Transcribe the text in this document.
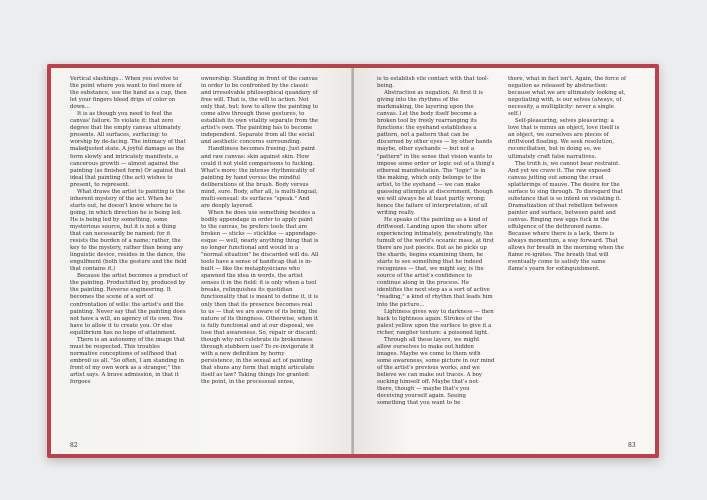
Vertical slashings... When you evolve to the point where you want to feel more of the substance, use the hand as a cup, then let your fingers bleed drips of color on down...

It is as though you need to feel the canvas' failure. To violate it: that zero degree that the empty canvas ultimately presents. All surfaces, surfacing: to worship by de-facing. The intimacy of that maladjusted state. A joyful damage as the form slowly and intricately manifests, a cancerous growth — almost against the painting (as finished form) Or against that ideal that painting (the act) wishes to present, to represent.

What draws the artist to painting is the inherent mystery of the act. When he starts out, he doesn't know where he is going, in which direction he is being led. He is being led by something, some mysterious source, but it is not a thing that can necessarily be named; for it resists the burden of a name; rather, the key to the mystery, rather than being any linguistic device, resides in the dance, the engulfment (both the gesture and the field that contains it.)

Because the artist becomes a product of the painting. Productified by, produced by the painting. Reverse engineering. It becomes the scene of a sort of confrontation of wills: the artist's and the painting. Never say that the painting does not have a will, an agency of its own. You have to allow it to create you. Or else equilibrium has no hope of attainment.

There is an autonomy of the image that must be respected. This troubles normative conceptions of selfhood that embroil us all. "So often, I am standing in front of my own work as a stranger," the artist says. A brave admission, in that it forgoes

ownership. Standing in front of the canvas in order to be confronted by the classic and irresolvable philosophical quandary of free will. That is, the will to action. Not only that, but: how to allow the painting to come alive through those gestures, to establish its own vitality separate from the artist's own. The painting has to become independent. Separate from all the social and aesthetic concerns surrounding.

Handliness becomes freeing. Just paint and raw canvas: skin against skin. How could it not yield comparisons to fucking. What's more: the intense rhythmicality of painting by hand versus the mindful deliberations of the brush. Body versus mind, sure. Body, after all, is multi-lingual, multi-sensual: its surfaces "speak." And are deeply layered.

When he does use something besides a bodily appendage in order to apply paint to the canvas, he prefers tools that are broken — sticks — sticklike — appendage-esque — well, nearly anything thing that is no longer functional and would in a "normal situation" be discarded will do. All tools have a sense of handicap that is in-built — like the metaphysicians who spawned the idea in words, the artist senses it in the field: it is only when a tool breaks, relinquishes its quotidian functionality that is meant to define it, it is only then that its presence becomes real to us — that we are aware of its being, the nature of its thingness. Otherwise, when it is fully functional and at our disposal, we lose that awareness. So, repair or discard: though why not celebrate its brokenness through stubborn use? To re-invigorate it with a new definition by horny persistence, in the sexual act of painting that shuns any form that might articulate itself as law? Taking things for granted: the point, in the processual sense,

is to establish vile contact with that tool-being.

Abstraction as negation. At first it is giving into the rhythms of the markmaking, the layering upon the canvas. Let the body itself become a broken tool by freely rearranging its functions: the eyehand establishes a pattern, not a pattern that can be discerned by other eyes — by other hands maybe, other eyehands — but not a "pattern" in the sense that vision wants to impose some order or logic out of a thing's ethereal manifestation. The "logic" is in the making, which only belongs to the artist, to the eyehand — we can make guessing attempts at discernment, though we will always be at least partly wrong; hence the failure of interpretation, of all writing really.

He speaks of the painting as a kind of driftwood. Landing upon the shore after experiencing intimately, penetratingly, the tumult of the world's oceanic mass, at first there are just pieces. But as he picks up the shards, begins examining them, he starts to see something that he indeed recognizes — that, we might say, is the source of the artist's confidence to continue along in the process. He identifies the next step as a sort of active "reading," a kind of rhythm that leads him into the picture...

Lightness gives way to darkness — then back to lightness again. Strokes of the palest yellow upon the surface to give it a richer, ranglier texture: a poisoned light.

Through all these layers, we might allow ourselves to make out hidden images. Maybe we come to them with some awareness, some picture in our mind of the artist's previous works, and we believe we can make out traces. A boy sucking himself off. Maybe that's not there, though — maybe that's you deceiving yourself again. Seeing something that you want to be

there, what in fact isn't. Again, the force of negation as released by abstraction: because what we are ultimately looking at, negotiating with, is our selves (always, of necessity, a multiplicity: never a single self.)

Self-pleasuring, selves pleasuring: a love that is minus an object, love itself is an object, we ourselves are pieces of driftwood floating. We seek resolution, reconciliation, but in doing so, we ultimately craft false narratives.

The truth is, we cannot bear restraint. And yet we crave it. The raw exposed canvas jutting out among the cruel splatterings of mauve. The desire for the surface to sing through. To disregard that substance that is so intent on violating it. Dramatization of that rebellion between painter and surface, between paint and canvas. Ringing raw eggs fuck in the effulgence of the dethroned name. Because where there is a lack, there is always momentum, a way forward. That allows for breath in the morning when the flame re-ignites. The breath that will eventually come to satisfy the same flame's yearn for extinguishment.

82	83
